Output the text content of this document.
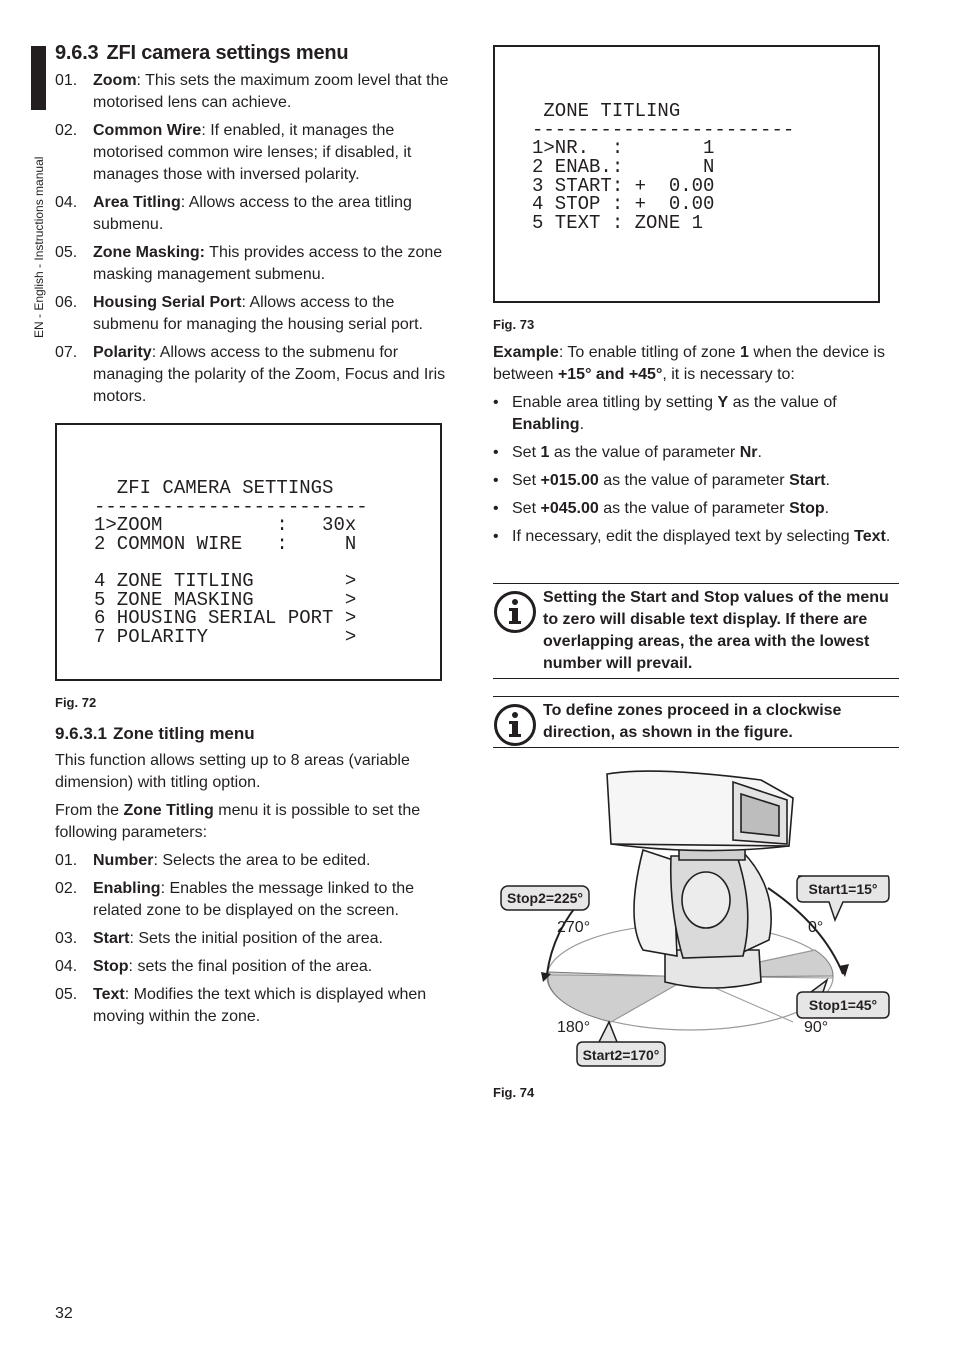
EN - English - Instructions manual
9.6.3 ZFI camera settings menu
01. Zoom: This sets the maximum zoom level that the motorised lens can achieve.
02. Common Wire: If enabled, it manages the motorised common wire lenses; if disabled, it manages those with inversed polarity.
04. Area Titling: Allows access to the area titling submenu.
05. Zone Masking: This provides access to the zone masking management submenu.
06. Housing Serial Port: Allows access to the submenu for managing the housing serial port.
07. Polarity: Allows access to the submenu for managing the polarity of the Zoom, Focus and Iris motors.

ZFI CAMERA SETTINGS
------------------------
1>ZOOM          :   30x
2 COMMON WIRE   :     N
4 ZONE TITLING        >
5 ZONE MASKING        >
6 HOUSING SERIAL PORT >
7 POLARITY            >

Fig. 72
9.6.3.1 Zone titling menu

This function allows setting up to 8 areas (variable dimension) with titling option.

From the Zone Titling menu it is possible to set the following parameters:

01. Number: Selects the area to be edited.
02. Enabling: Enables the message linked to the related zone to be displayed on the screen.
03. Start: Sets the initial position of the area.
04. Stop: sets the final position of the area.
05. Text: Modifies the text which is displayed when moving within the zone.

ZONE TITLING
-----------------------
1>NR.  :       1
2 ENAB.:       N
3 START: +  0.00
4 STOP : +  0.00
5 TEXT : ZONE 1

Fig. 73

Example: To enable titling of zone 1 when the device is between +15° and +45°, it is necessary to:

• Enable area titling by setting Y as the value of Enabling.
• Set 1 as the value of parameter Nr.
• Set +015.00 as the value of parameter Start.
• Set +045.00 as the value of parameter Stop.
• If necessary, edit the displayed text by selecting Text.
Setting the Start and Stop values of the menu to zero will disable text display. If there are overlapping areas, the area with the lowest number will prevail.
To define zones proceed in a clockwise direction, as shown in the figure.
Stop2=225°
Start1=15°
Stop1=45°
Start2=170°
270°	0°
180°	90°
Fig. 74
32
